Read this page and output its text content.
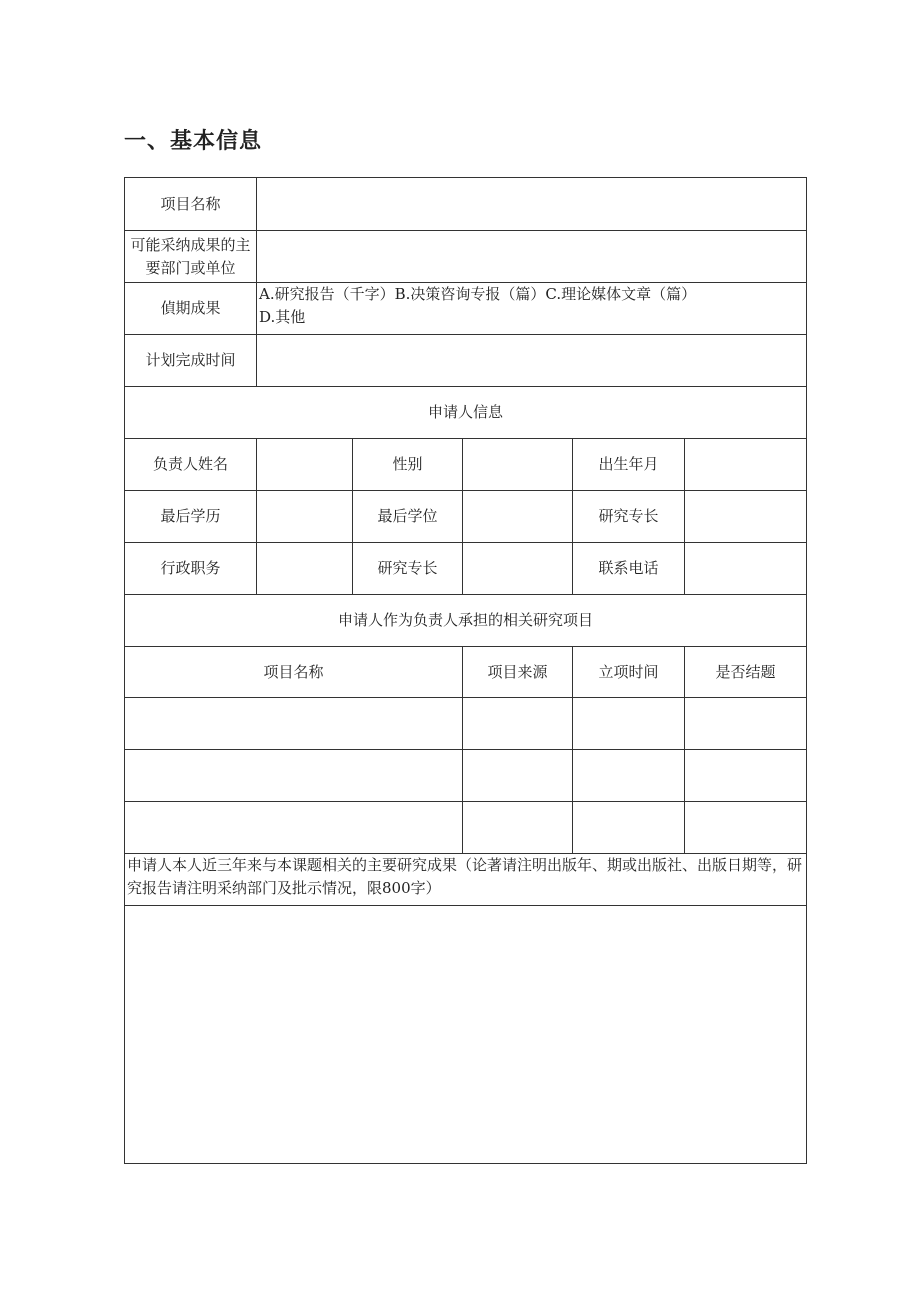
一、基本信息
项目名称					
可能采纳成果的主要部门或单位					
偵期成果	A.研究报告（千字）B.决策咨询专报（篇）C.理论媒体文章（篇）
D.其他				

计划完成时间					
申请人信息					
负责人姓名		性别		出生年月	
最后学历		最后学位		研究专长	
行政职务		研究专长		联系电话	
申请人作为负责人承担的相关研究项目					
项目名称			项目来源	立项时间	是否结题

申请人本人近三年来与本课题相关的主要研究成果（论著请注明出版年、期或出版社、出版日期等，研究报告请注明采纳部门及批示情况，限800字）					
